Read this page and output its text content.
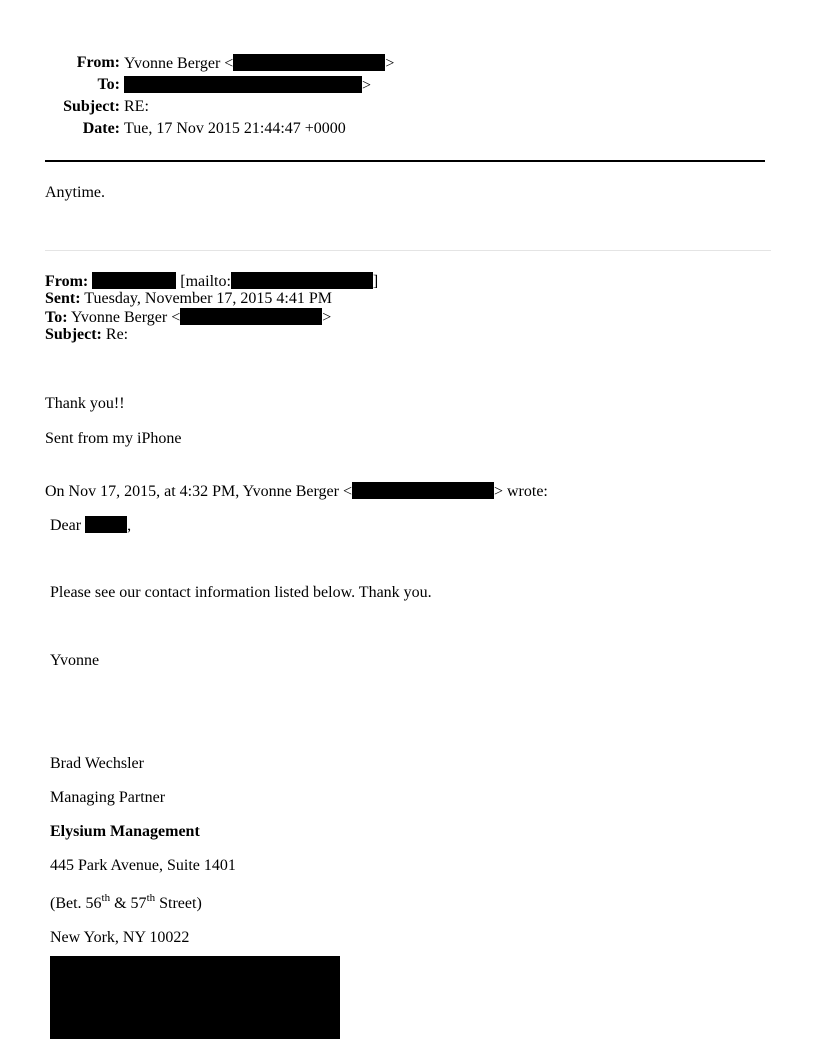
From: Yvonne Berger <	>
To:	>
Subject: RE:
Date: Tue, 17 Nov 2015 21:44:47 +0000
Anytime.
From:	[mailto:	]
Sent: Tuesday, November 17, 2015 4:41 PM
To: Yvonne Berger <	>
Subject: Re:
Thank you!!
Sent from my iPhone
On Nov 17, 2015, at 4:32 PM, Yvonne Berger <	> wrote:
Dear	,
Please see our contact information listed below. Thank you.
Yvonne
Brad Wechsler
Managing Partner
Elysium Management
445 Park Avenue, Suite 1401
(Bet. 56th & 57th Street)
New York, NY 10022
